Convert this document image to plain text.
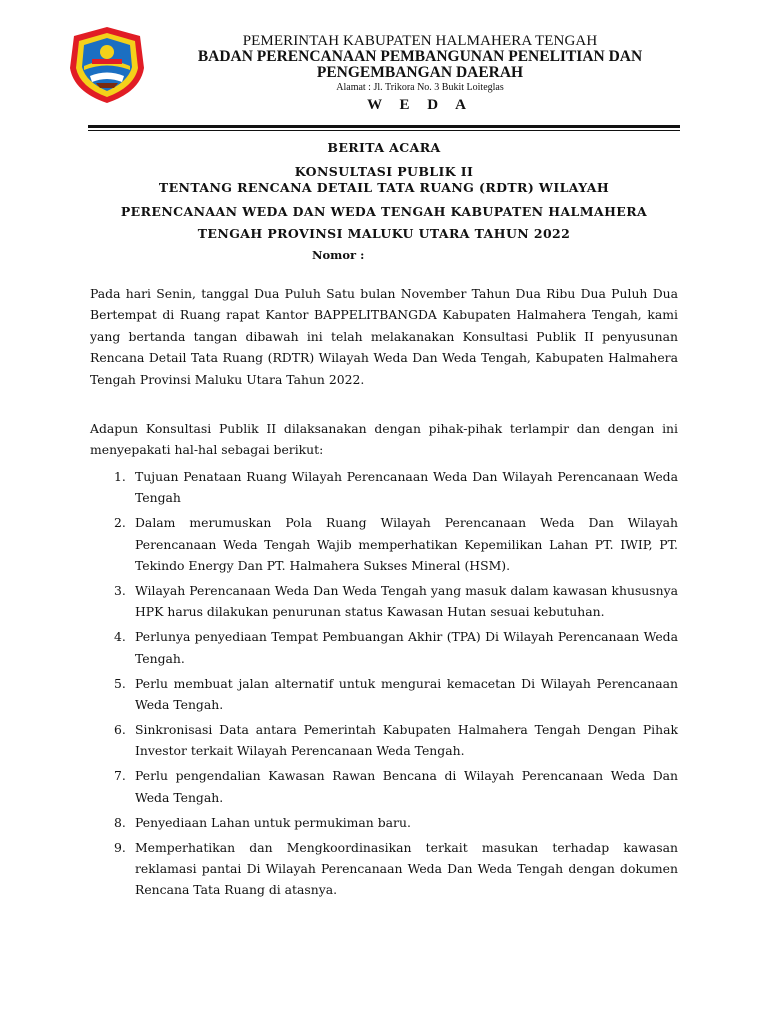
PEMERINTAH KABUPATEN HALMAHERA TENGAH
BADAN PERENCANAAN PEMBANGUNAN PENELITIAN DAN
PENGEMBANGAN DAERAH
Alamat : Jl. Trikora No. 3 Bukit Loiteglas
W E D A
BERITA ACARA
KONSULTASI PUBLIK II
TENTANG RENCANA DETAIL TATA RUANG (RDTR) WILAYAH
PERENCANAAN WEDA DAN WEDA TENGAH KABUPATEN HALMAHERA
TENGAH PROVINSI MALUKU UTARA TAHUN 2022
Nomor :
Pada hari Senin, tanggal Dua Puluh Satu bulan November Tahun Dua Ribu Dua Puluh Dua Bertempat di Ruang rapat Kantor BAPPELITBANGDA Kabupaten Halmahera Tengah, kami yang bertanda tangan dibawah ini telah melakanakan Konsultasi Publik II penyusunan Rencana Detail Tata Ruang (RDTR) Wilayah Weda Dan Weda Tengah, Kabupaten Halmahera Tengah Provinsi Maluku Utara Tahun 2022.
Adapun Konsultasi Publik II dilaksanakan dengan pihak-pihak terlampir dan dengan ini menyepakati hal-hal sebagai berikut:
1. Tujuan Penataan Ruang Wilayah Perencanaan Weda Dan Wilayah Perencanaan Weda Tengah
2. Dalam merumuskan Pola Ruang Wilayah Perencanaan Weda Dan Wilayah Perencanaan Weda Tengah Wajib memperhatikan Kepemilikan Lahan PT. IWIP, PT. Tekindo Energy Dan PT. Halmahera Sukses Mineral (HSM).
3. Wilayah Perencanaan Weda Dan Weda Tengah yang masuk dalam kawasan khususnya HPK harus dilakukan penurunan status Kawasan Hutan sesuai kebutuhan.
4. Perlunya penyediaan Tempat Pembuangan Akhir (TPA) Di Wilayah Perencanaan Weda Tengah.
5. Perlu membuat jalan alternatif untuk mengurai kemacetan Di Wilayah Perencanaan Weda Tengah.
6. Sinkronisasi Data antara Pemerintah Kabupaten Halmahera Tengah Dengan Pihak Investor terkait Wilayah Perencanaan Weda Tengah.
7. Perlu pengendalian Kawasan Rawan Bencana di Wilayah Perencanaan Weda Dan Weda Tengah.
8. Penyediaan Lahan untuk permukiman baru.
9. Memperhatikan dan Mengkoordinasikan terkait masukan terhadap kawasan reklamasi pantai Di Wilayah Perencanaan Weda Dan Weda Tengah dengan dokumen Rencana Tata Ruang di atasnya.
